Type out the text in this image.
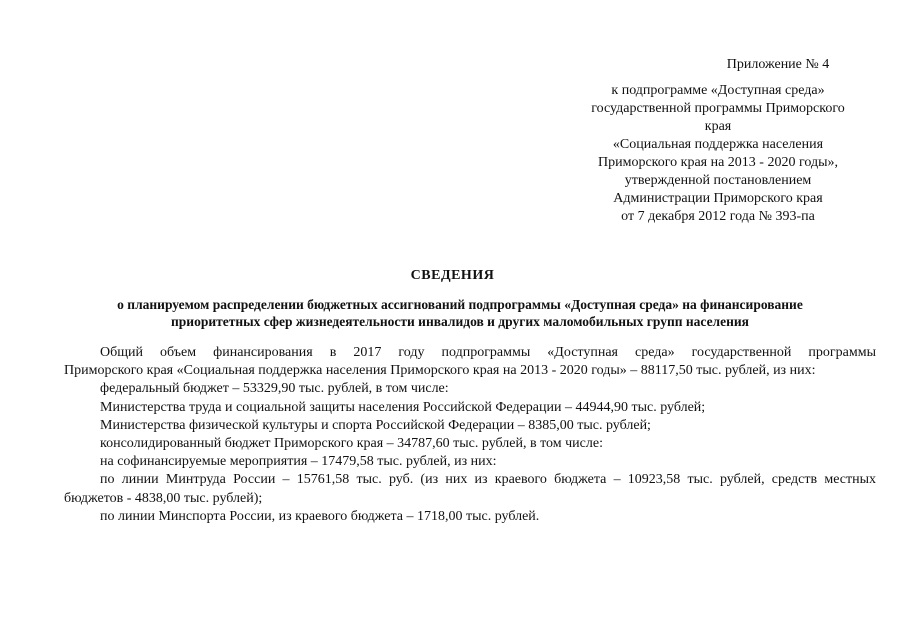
Приложение № 4
к подпрограмме «Доступная среда»
государственной программы Приморского
края
«Социальная поддержка населения
Приморского края на 2013 - 2020 годы»,
утвержденной постановлением
Администрации Приморского края
от 7 декабря 2012 года № 393-па
СВЕДЕНИЯ
о планируемом распределении бюджетных ассигнований подпрограммы «Доступная среда» на финансирование
приоритетных сфер жизнедеятельности инвалидов и других маломобильных групп населения
Общий объем финансирования в 2017 году подпрограммы «Доступная среда» государственной программы
Приморского края «Социальная поддержка населения Приморского края на 2013 - 2020 годы» – 88117,50 тыс. рублей, из них:
федеральный бюджет – 53329,90 тыс. рублей, в том числе:
Министерства труда и социальной защиты населения Российской Федерации – 44944,90 тыс. рублей;
Министерства физической культуры и спорта Российской Федерации – 8385,00 тыс. рублей;
консолидированный бюджет Приморского края – 34787,60 тыс. рублей, в том числе:
на софинансируемые мероприятия – 17479,58 тыс. рублей, из них:
по линии Минтруда России – 15761,58 тыс. руб. (из них из краевого бюджета – 10923,58 тыс. рублей, средств местных
бюджетов - 4838,00 тыс. рублей);
по линии Минспорта России, из краевого бюджета – 1718,00 тыс. рублей.
